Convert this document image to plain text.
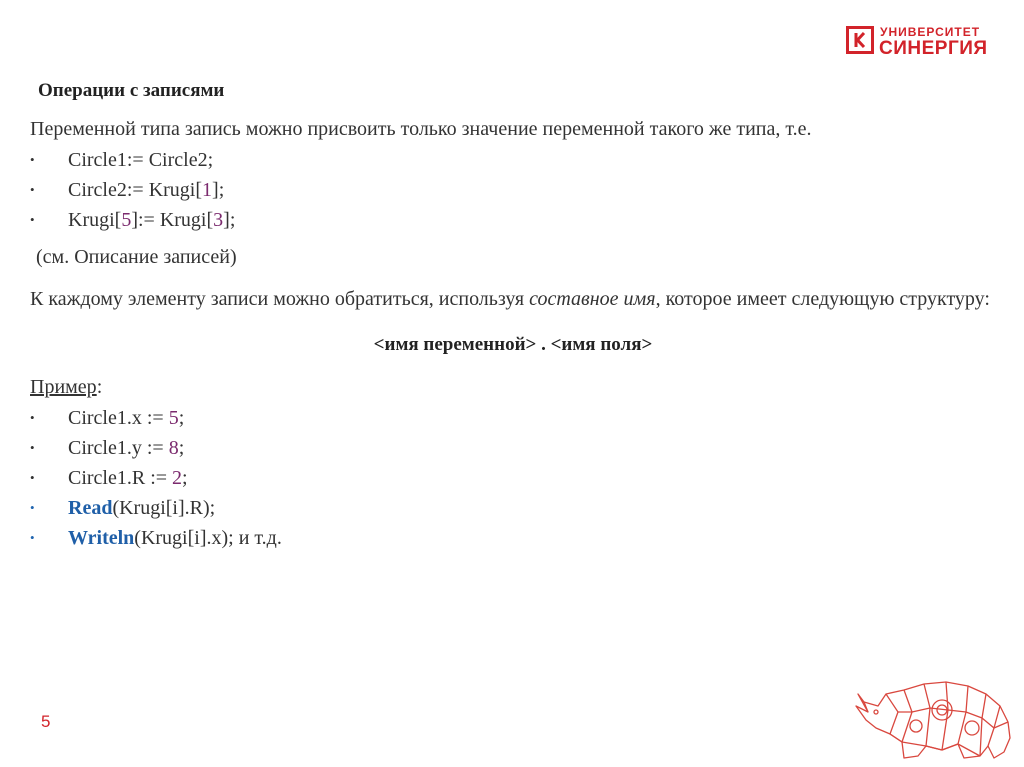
УНИВЕРСИТЕТ
СИНЕРГИЯ
Операции с записями

Переменной типа запись можно присвоить только значение переменной такого же типа, т.е.

• Circle1:= Circle2;
• Circle2:= Krugi[1];
• Krugi[5]:= Krugi[3];

(см. Описание записей)

К каждому элементу записи можно обратиться, используя составное имя, которое имеет следующую структуру:

<имя переменной> . <имя поля>

Пример:

• Circle1.x := 5;
• Circle1.y := 8;
• Circle1.R := 2;
• Read(Krugi[i].R);
• Writeln(Krugi[i].x); и т.д.
5
